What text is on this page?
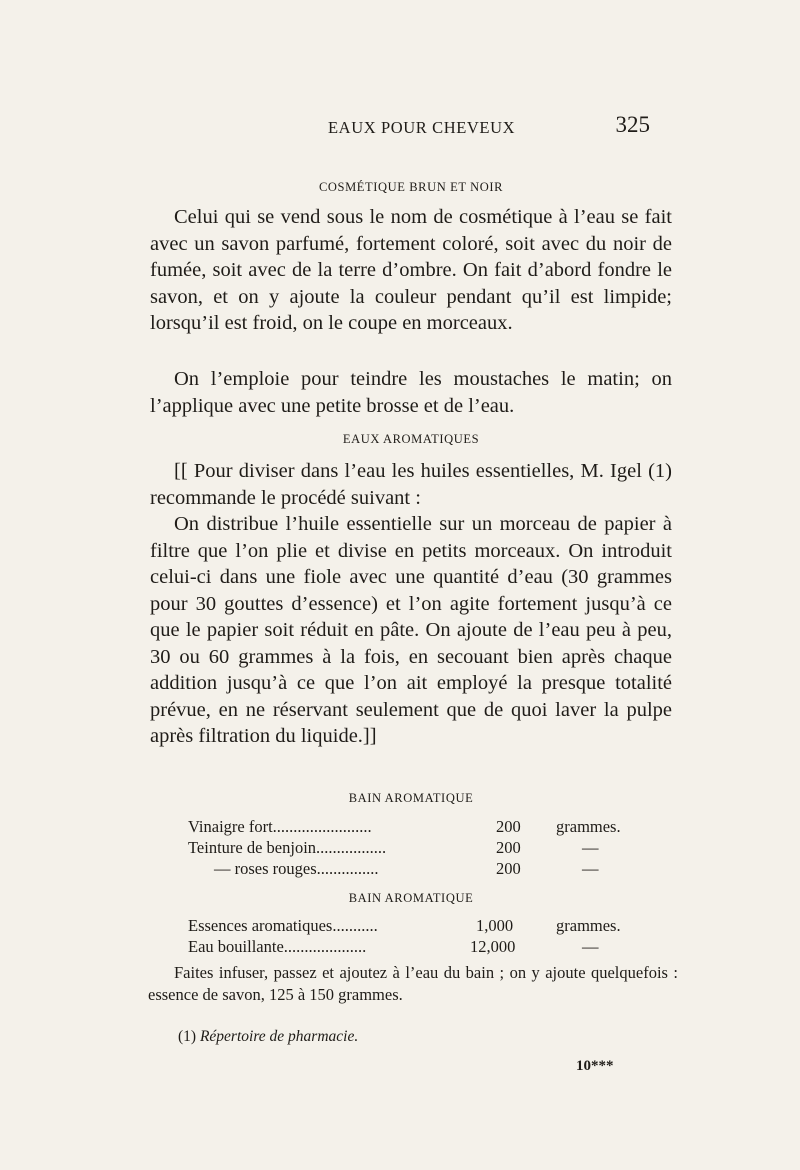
EAUX POUR CHEVEUX	325
COSMÉTIQUE BRUN ET NOIR

Celui qui se vend sous le nom de cosmétique à l’eau se fait avec un savon parfumé, fortement coloré, soit avec du noir de fumée, soit avec de la terre d’ombre. On fait d’abord fondre le savon, et on y ajoute la couleur pendant qu’il est limpide; lorsqu’il est froid, on le coupe en morceaux.

On l’emploie pour teindre les moustaches le matin; on l’applique avec une petite brosse et de l’eau.

EAUX AROMATIQUES

[[ Pour diviser dans l’eau les huiles essentielles, M. Igel (1) recommande le procédé suivant :

On distribue l’huile essentielle sur un morceau de papier à filtre que l’on plie et divise en petits morceaux. On introduit celui-ci dans une fiole avec une quantité d’eau (30 grammes pour 30 gouttes d’essence) et l’on agite fortement jusqu’à ce que le papier soit réduit en pâte. On ajoute de l’eau peu à peu, 30 ou 60 grammes à la fois, en secouant bien après chaque addition jusqu’à ce que l’on ait employé la presque totalité prévue, en ne réservant seulement que de quoi laver la pulpe après filtration du liquide.]]

BAIN AROMATIQUE
Vinaigre fort........................	200 grammes.
Teinture de benjoin.................	200	—
— roses rouges...............	200	—
BAIN AROMATIQUE
Essences aromatiques...........	1,000	grammes.
Eau bouillante....................	12,000	—
Faites infuser, passez et ajoutez à l’eau du bain ; on y ajoute quelquefois : essence de savon, 125 à 150 grammes.
(1) Répertoire de pharmacie.
10***
